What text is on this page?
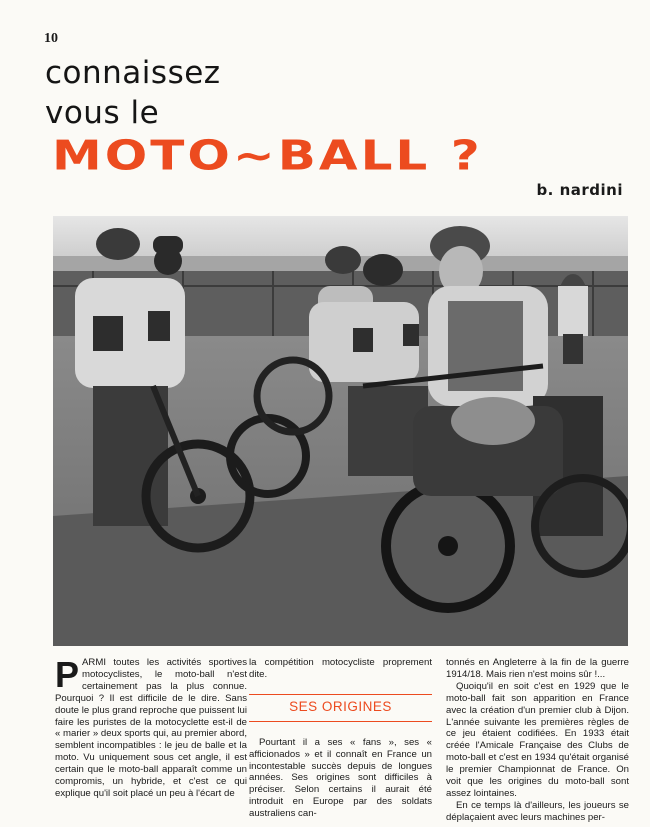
10
connaissez
vous le
MOTO~BALL ?
b. nardini

PARMI toutes les activités sportives motocyclistes, le moto-ball n'est certainement pas la plus connue. Pourquoi ? Il est difficile de le dire. Sans doute le plus grand reproche que puissent lui faire les puristes de la motocyclette est-il de « marier » deux sports qui, au premier abord, semblent incompatibles : le jeu de balle et la moto. Vu uniquement sous cet angle, il est certain que le moto-ball apparaît comme un compromis, un hybride, et c'est ce qui explique qu'il soit placé un peu à l'écart de

la compétition motocycliste proprement dite.

SES ORIGINES

Pourtant il a ses « fans », ses « afficionados » et il connaît en France un incontestable succès depuis de longues années. Ses origines sont difficiles à préciser. Selon certains il aurait été introduit en Europe par des soldats australiens can-

tonnés en Angleterre à la fin de la guerre 1914/18. Mais rien n'est moins sûr !...

Quoiqu'il en soit c'est en 1929 que le moto-ball fait son apparition en France avec la création d'un premier club à Dijon. L'année suivante les premières règles de ce jeu étaient codifiées. En 1933 était créée l'Amicale Française des Clubs de moto-ball et c'est en 1934 qu'était organisé le premier Championnat de France. On voit que les origines du moto-ball sont assez lointaines.

En ce temps là d'ailleurs, les joueurs se déplaçaient avec leurs machines per-
